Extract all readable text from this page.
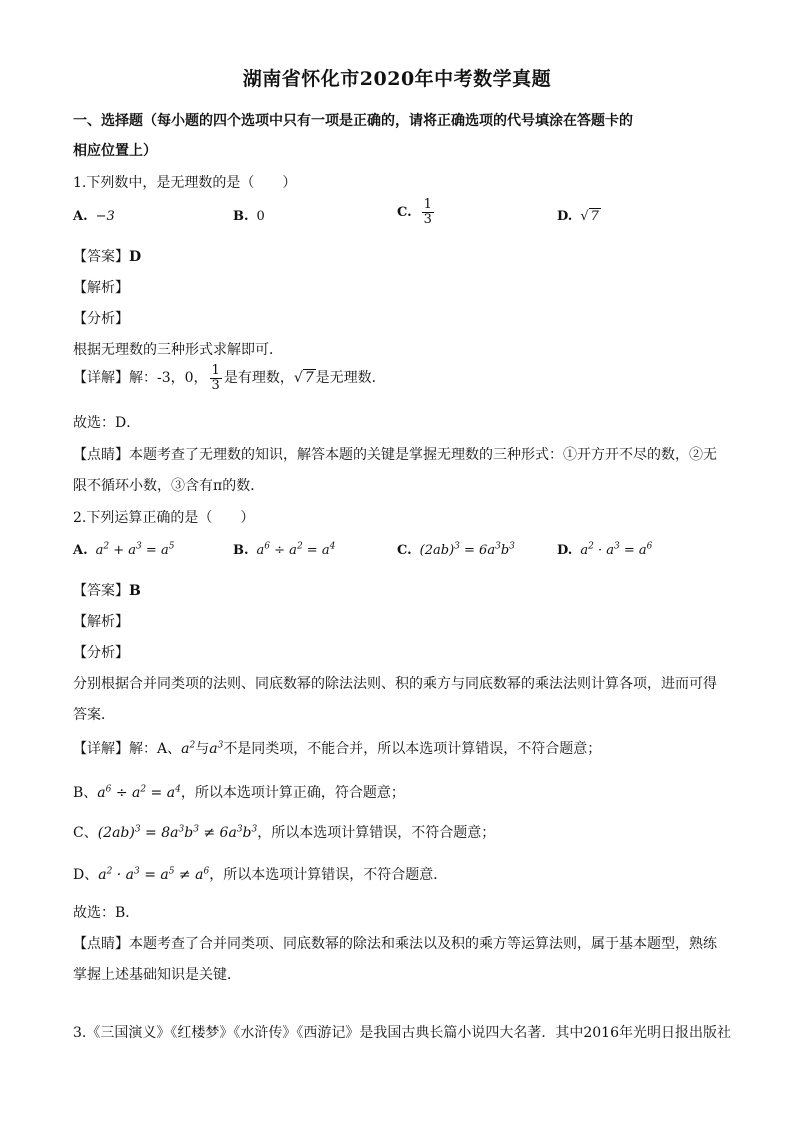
湖南省怀化市2020年中考数学真题
一、选择题（每小题的四个选项中只有一项是正确的，请将正确选项的代号填涂在答题卡的
相应位置上）
1.下列数中，是无理数的是（　　）
A. −3	B. 0	C. $\frac{1}{3}$	D. √ 7
【答案】D
【解析】
【分析】
根据无理数的三种形式求解即可．
【详解】解：-3，0， $\frac{1}{3}$ 是有理数，√ 7 是无理数．
故选：D．
【点睛】本题考查了无理数的知识，解答本题的关键是掌握无理数的三种形式：①开方开不尽的数，②无
限不循环小数，③含有π的数．
2.下列运算正确的是（　　）
A. $a^2 + a^3 = a^5$	B. $a^6 \div a^2 = a^4$	C. $(2ab)^3 = 6a^3b^3$	D. $a^2 \cdot a^3 = a^6$
【答案】B
【解析】
【分析】
分别根据合并同类项的法则、同底数幂的除法法则、积的乘方与同底数幂的乘法法则计算各项，进而可得
答案．
【详解】解：A、$a^2$与$a^3$不是同类项，不能合并，所以本选项计算错误，不符合题意；
B、$a^6 \div a^2 = a^4$，所以本选项计算正确，符合题意；
C、$(2ab)^3 = 8a^3b^3 \ne 6a^3b^3$，所以本选项计算错误，不符合题意；
D、$a^2 \cdot a^3 = a^5 \ne a^6$，所以本选项计算错误，不符合题意．
故选：B．
【点睛】本题考查了合并同类项、同底数幂的除法和乘法以及积的乘方等运算法则，属于基本题型，熟练
掌握上述基础知识是关键．
3.《三国演义》《红楼梦》《水浒传》《西游记》是我国古典长篇小说四大名著．其中2016年光明日报出版社
